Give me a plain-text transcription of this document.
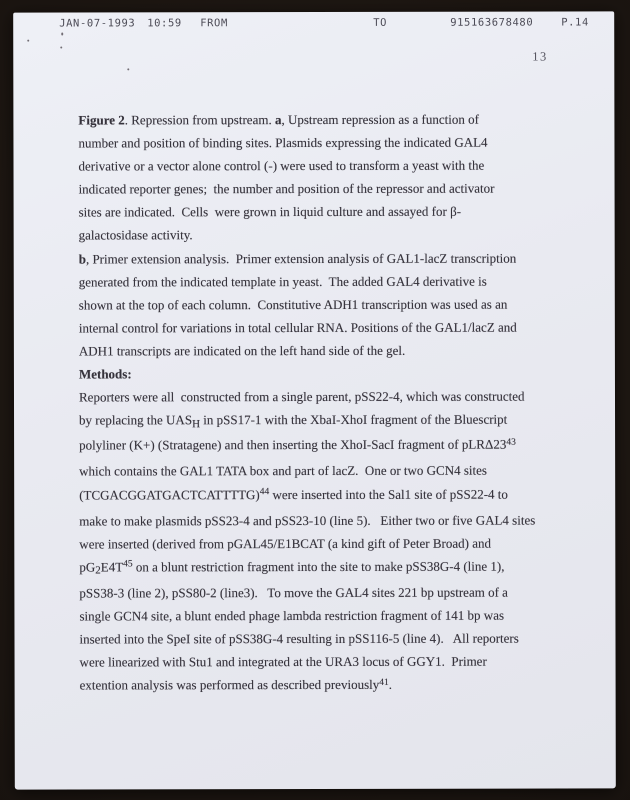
JAN-07-1993 10:59 FROM	TO	915163678480	P.14
13
Figure 2. Repression from upstream. a, Upstream repression as a function of
number and position of binding sites. Plasmids expressing the indicated GAL4
derivative or a vector alone control (-) were used to transform a yeast with the
indicated reporter genes;  the number and position of the repressor and activator
sites are indicated.  Cells  were grown in liquid culture and assayed for β-
galactosidase activity.
b, Primer extension analysis.  Primer extension analysis of GAL1-lacZ transcription
generated from the indicated template in yeast.  The added GAL4 derivative is
shown at the top of each column.  Constitutive ADH1 transcription was used as an
internal control for variations in total cellular RNA. Positions of the GAL1/lacZ and
ADH1 transcripts are indicated on the left hand side of the gel.
Methods:
Reporters were all  constructed from a single parent, pSS22-4, which was constructed
by replacing the UASH in pSS17-1 with the XbaI-XhoI fragment of the Bluescript
polyliner (K+) (Stratagene) and then inserting the XhoI-SacI fragment of $pLR\Delta 23^{43}$
which contains the GAL1 TATA box and part of lacZ.  One or two GCN4 sites
(TCGACGGATGACTCATTTTG)$^{44}$ were inserted into the Sal1 site of pSS22-4 to
make to make plasmids pSS23-4 and pSS23-10 (line 5).   Either two or five GAL4 sites
were inserted (derived from pGAL45/E1BCAT (a kind gift of Peter Broad) and
$pG2E4T^{45}$ on a blunt restriction fragment into the site to make pSS38G-4 (line 1),
pSS38-3 (line 2), pSS80-2 (line3).   To move the GAL4 sites 221 bp upstream of a
single GCN4 site, a blunt ended phage lambda restriction fragment of 141 bp was
inserted into the SpeI site of pSS38G-4 resulting in pSS116-5 (line 4).   All reporters
were linearized with Stu1 and integrated at the URA3 locus of GGY1.  Primer
extention analysis was performed as described previously$^{41}$.
